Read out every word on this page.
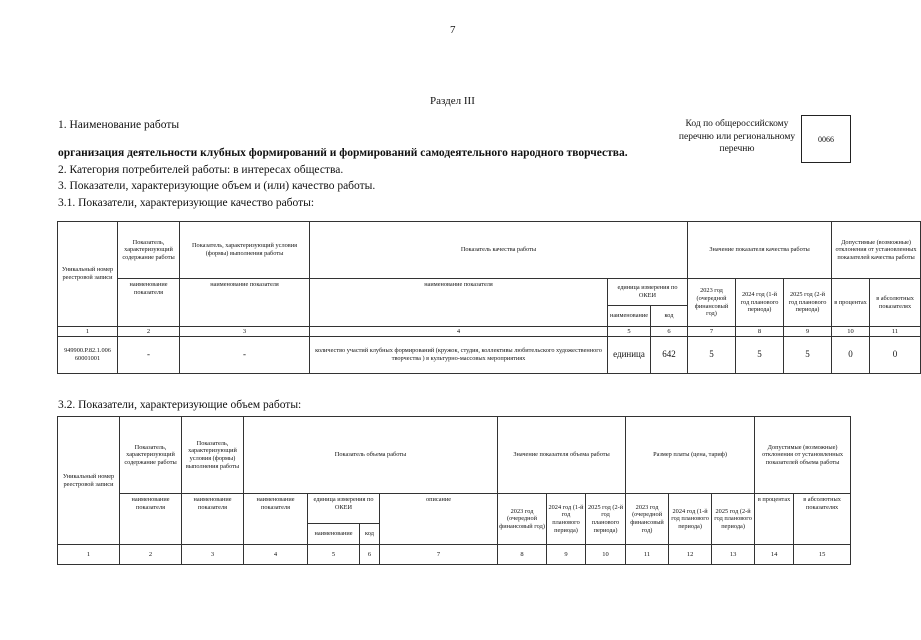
7
Раздел III
1. Наименование работы	Код по общероссийскому перечню или региональному перечню
0066
организация деятельности клубных формирований и формирований самодеятельного народного творчества.
2. Категория потребителей работы: в интересах общества.
3. Показатели, характеризующие объем и (или) качество работы.
3.1. Показатели, характеризующие качество работы:
Уникальный номер реестровой записи	Показатель, характеризующий содержание работы	Показатель, характеризующий условия (формы) выполнения работы	Показатель качества работы			Значение показателя качества работы			Допустимые (возможные) отклонения от установленных показателей качества работы	
	наименование показателя	наименование показателя	наименование показателя	единица измерения по ОКЕИ		2023 год (очередной финансовый год)	2024 год (1-й год планового периода)	2025 год (2-й год планового периода)	в процентах	в абсолютных показателях
				наименование	код					
1	2	3	4	5	6	7	8	9	10	11
949900.Р.82.1.006 60001001	-	-	количество участий клубных формирований (кружок, студия, коллективы любительского художественного творчества ) в культурно-массовых мероприятиях	единица	642	5	5	5	0	0
3.2. Показатели, характеризующие объем работы:
Уникальный номер реестровой записи	Показатель, характеризующий содержание работы	Показатель, характеризующий условия (формы) выполнения работы	Показатель объема работы				Значение показателя объема работы			Размер платы (цена, тариф)			Допустимые (возможные) отклонения от установленных показателей объема работы	
	наименование показателя	наименование показателя	наименование показателя	единица измерения по ОКЕИ		описание	2023 год (очередной финансовый год)	2024 год (1-й год планового периода)	2025 год (2-й год планового периода)	2023 год (очередной финансовый год)	2024 год (1-й год планового периода)	2025 год (2-й год планового периода)	в процентах	в абсолютных показателях
				наименование	код									
1	2	3	4	5	6	7	8	9	10	11	12	13	14	15
